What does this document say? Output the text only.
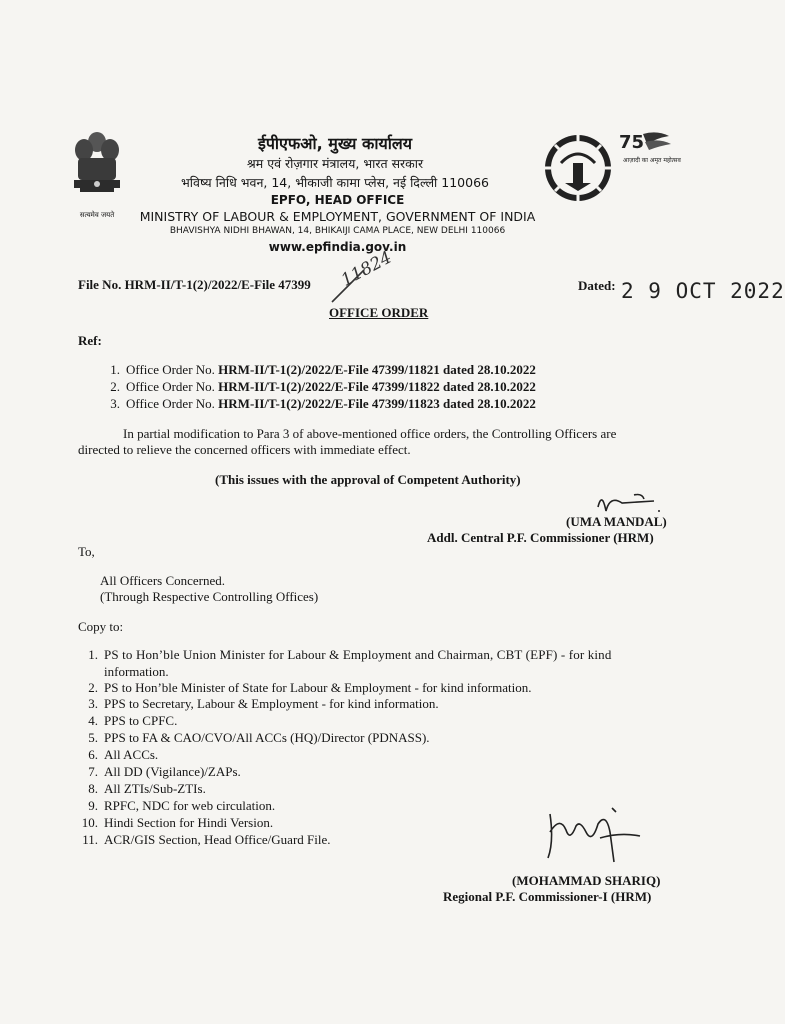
सत्यमेव जयते
75
आज़ादी का अमृत महोत्सव
ईपीएफओ, मुख्य कार्यालय
श्रम एवं रोज़गार मंत्रालय, भारत सरकार
भविष्य निधि भवन, 14, भीकाजी कामा प्लेस, नई दिल्ली 110066
EPFO, HEAD OFFICE
MINISTRY OF LABOUR & EMPLOYMENT, GOVERNMENT OF INDIA
BHAVISHYA NIDHI BHAWAN, 14, BHIKAIJI CAMA PLACE, NEW DELHI 110066
www.epfindia.gov.in
File No. HRM-II/T-1(2)/2022/E-File 47399 11824	Dated: 2 9 OCT 2022
OFFICE ORDER
Ref:
1. Office Order No. HRM-II/T-1(2)/2022/E-File 47399/11821 dated 28.10.2022
2. Office Order No. HRM-II/T-1(2)/2022/E-File 47399/11822 dated 28.10.2022
3. Office Order No. HRM-II/T-1(2)/2022/E-File 47399/11823 dated 28.10.2022
In partial modification to Para 3 of above-mentioned office orders, the Controlling Officers are
directed to relieve the concerned officers with immediate effect.
(This issues with the approval of Competent Authority)
(UMA MANDAL)
Addl. Central P.F. Commissioner (HRM)
To,
All Officers Concerned.
(Through Respective Controlling Offices)
Copy to:
1. PS to Hon’ble Union Minister for Labour & Employment and Chairman, CBT (EPF) - for kind
information.
2. PS to Hon’ble Minister of State for Labour & Employment - for kind information.
3. PPS to Secretary, Labour & Employment - for kind information.
4. PPS to CPFC.
5. PPS to FA & CAO/CVO/All ACCs (HQ)/Director (PDNASS).
6. All ACCs.
7. All DD (Vigilance)/ZAPs.
8. All ZTIs/Sub-ZTIs.
9. RPFC, NDC for web circulation.
10. Hindi Section for Hindi Version.
11. ACR/GIS Section, Head Office/Guard File.
(MOHAMMAD SHARIQ)
Regional P.F. Commissioner-I (HRM)
